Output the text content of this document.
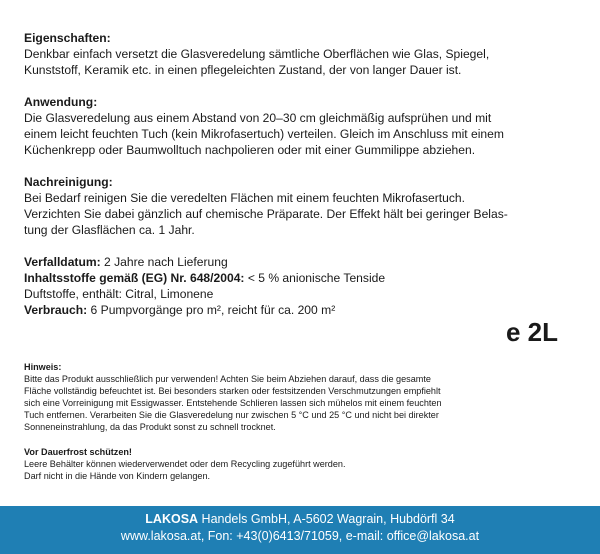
Eigenschaften:
Denkbar einfach versetzt die Glasveredelung sämtliche Oberflächen wie Glas, Spiegel,
Kunststoff, Keramik etc. in einen pflegeleichten Zustand, der von langer Dauer ist.
Anwendung:
Die Glasveredelung aus einem Abstand von 20–30 cm gleichmäßig aufsprühen und mit
einem leicht feuchten Tuch (kein Mikrofasertuch) verteilen. Gleich im Anschluss mit einem
Küchenkrepp oder Baumwolltuch nachpolieren oder mit einer Gummilippe abziehen.
Nachreinigung:
Bei Bedarf reinigen Sie die veredelten Flächen mit einem feuchten Mikrofasertuch.
Verzichten Sie dabei gänzlich auf chemische Präparate. Der Effekt hält bei geringer Belas-
tung der Glasflächen ca. 1 Jahr.
Verfalldatum: 2 Jahre nach Lieferung
Inhaltsstoffe gemäß (EG) Nr. 648/2004: < 5 % anionische Tenside
Duftstoffe, enthält: Citral, Limonene
Verbrauch: 6 Pumpvorgänge pro m², reicht für ca. 200 m²
e 2L
Hinweis:
Bitte das Produkt ausschließlich pur verwenden! Achten Sie beim Abziehen darauf, dass die gesamte
Fläche vollständig befeuchtet ist. Bei besonders starken oder festsitzenden Verschmutzungen empfiehlt
sich eine Vorreinigung mit Essigwasser. Entstehende Schlieren lassen sich mühelos mit einem feuchten
Tuch entfernen. Verarbeiten Sie die Glasveredelung nur zwischen 5 °C und 25 °C und nicht bei direkter
Sonneneinstrahlung, da das Produkt sonst zu schnell trocknet.
Vor Dauerfrost schützen!
Leere Behälter können wiederverwendet oder dem Recycling zugeführt werden.
Darf nicht in die Hände von Kindern gelangen.
LAKOSA Handels GmbH, A-5602 Wagrain, Hubdörfl 34
www.lakosa.at, Fon: +43(0)6413/71059, e-mail: office@lakosa.at
